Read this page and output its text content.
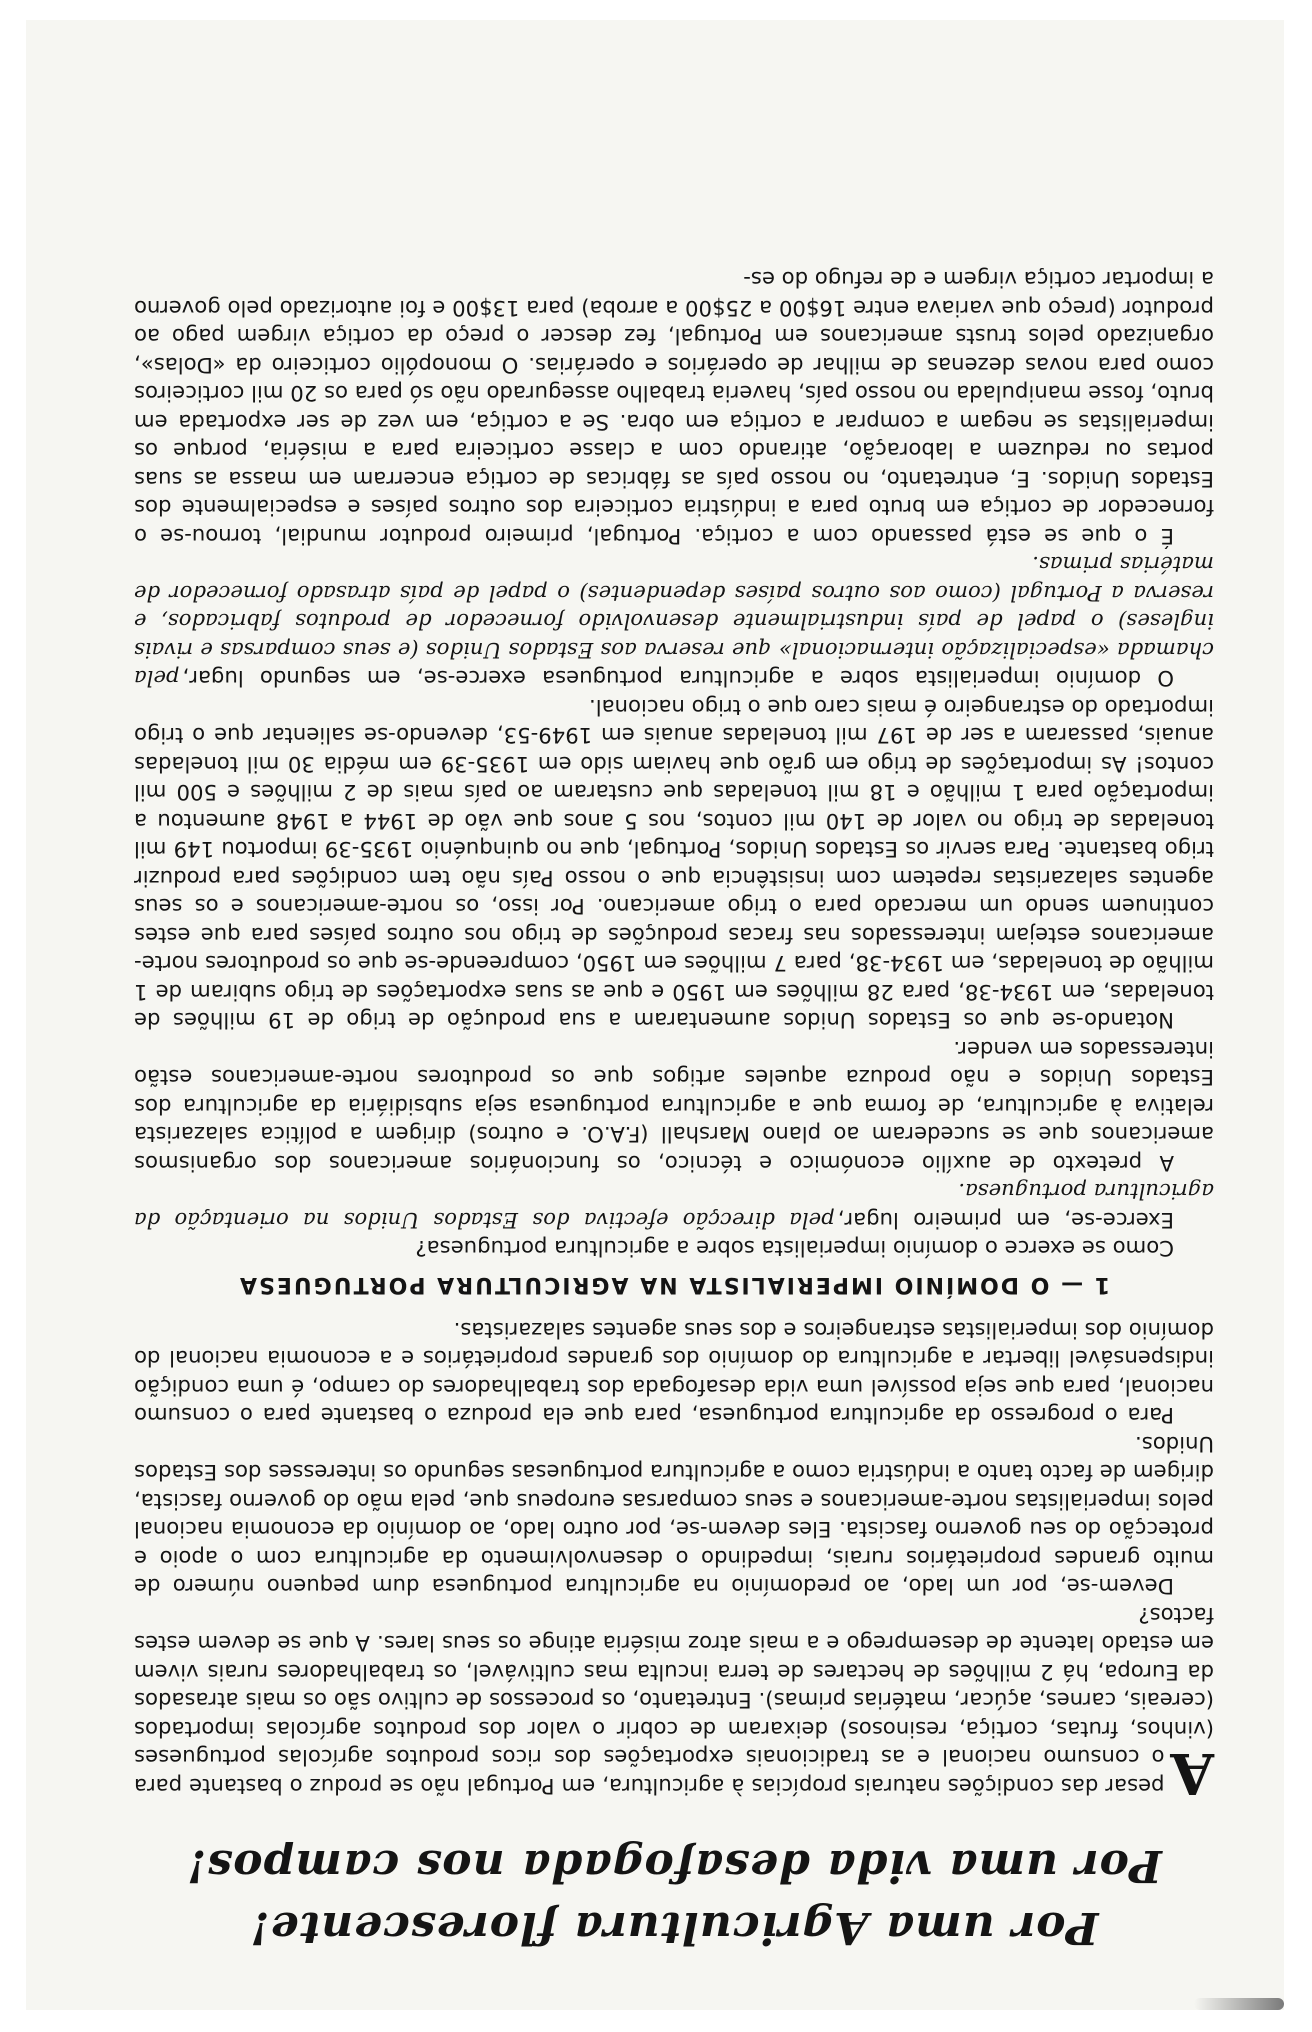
Por uma Agricultura florescente!
Por uma vida desafogada nos campos!

A
pesar das condições naturais propícias à agricultura, em Portugal não se produz o bastante para o consumo nacional e as tradicionais exportações dos ricos produtos agrícolas portugueses (vinhos, frutas, cortiça, resinosos) deixaram de cobrir o valor dos produtos agrícolas importados (cereais, carnes, açúcar, matérias primas). Entretanto, os processos de cultivo são os mais atrasados da Europa, há 2 milhões de hectares de terra inculta mas cultivável, os trabalhadores rurais vivem em estado latente de desemprego e a mais atroz miséria atinge os seus lares. A que se devem estes factos?

Devem-se, por um lado, ao predomínio na agricultura portuguesa dum pequeno número de muito grandes proprietários rurais, impedindo o desenvolvimento da agricultura com o apoio e protecção do seu governo fascista. Eles devem-se, por outro lado, ao domínio da economia nacional pelos imperialistas norte-americanos e seus comparsas europeus que, pela mão do governo fascista, dirigem de facto tanto a indústria como a agricultura portuguesas segundo os interesses dos Estados Unidos.

Para o progresso da agricultura portuguesa, para que ela produza o bastante para o consumo nacional, para que seja possível uma vida desafogada dos trabalhadores do campo, é uma condição indispensável libertar a agricultura do domínio dos grandes proprietários e a economia nacional do domínio dos imperialistas estrangeiros e dos seus agentes salazaristas.

1 — O DOMÍNIO IMPERIALISTA NA AGRICULTURA PORTUGUESA

Como se exerce o domínio imperialista sobre a agricultura portuguesa?

Exerce-se, em primeiro lugar,pela direcção efectiva dos Estados Unidos na orientação da agricultura portuguesa.

A pretexto de auxílio económico e técnico, os funcionários americanos dos organismos americanos que se sucederam ao plano Marshall (F.A.O. e outros) dirigem a política salazarista relativa à agricultura, de forma que a agricultura portuguesa seja subsidiária da agricultura dos Estados Unidos e não produza aqueles artigos que os produtores norte-americanos estão interessados em vender.

Notando-se que os Estados Unidos aumentaram a sua produção de trigo de 19 milhões de toneladas, em 1934-38, para 28 milhões em 1950 e que as suas exportações de trigo subiram de 1 milhão de toneladas, em 1934-38, para 7 milhões em 1950, compreende-se que os produtores norte-americanos estejam interessados nas fracas produções de trigo nos outros países para que estes continuem sendo um mercado para o trigo americano. Por isso, os norte-americanos e os seus agentes salazaristas repetem com insistência que o nosso País não tem condições para produzir trigo bastante. Para servir os Estados Unidos, Portugal, que no quinquénio 1935-39 importou 149 mil toneladas de trigo no valor de 140 mil contos, nos 5 anos que vão de 1944 a 1948 aumentou a importação para 1 milhão e 18 mil toneladas que custaram ao país mais de 2 milhões e 500 mil contos! As importações de trigo em grão que haviam sido em 1935-39 em média 30 mil toneladas anuais, passaram a ser de 197 mil toneladas anuais em 1949-53, devendo-se salientar que o trigo importado do estrangeiro é mais caro que o trigo nacional.

O domínio imperialista sobre a agricultura portuguesa exerce-se, em segundo lugar,pela chamada «especialização internacional» que reserva aos Estados Unidos (e seus comparsas e rivais ingleses) o papel de país industrialmente desenvolvido fornecedor de produtos fabricados, e reserva a Portugal (como aos outros países dependentes) o papel de país atrasado fornecedor de matérias primas.

É o que se está passando com a cortiça. Portugal, primeiro produtor mundial, tornou-se o fornecedor de cortiça em bruto para a indústria corticeira dos outros países e especialmente dos Estados Unidos. E, entretanto, no nosso país as fábricas de cortiça encerram em massa as suas portas ou reduzem a laboração, atirando com a classe corticeira para a miséria, porque os imperialistas se negam a comprar a cortiça em obra. Se a cortiça, em vez de ser exportada em bruto, fosse manipulada no nosso país, haveria trabalho assegurado não só para os 20 mil corticeiros como para novas dezenas de milhar de operários e operárias. O monopólio corticeiro da «Dolas», organizado pelos trusts americanos em Portugal, fez descer o preço da cortiça virgem pago ao produtor (preço que variava entre 16$00 a 25$00 a arroba) para 13$00 e foi autorizado pelo governo a importar cortiça virgem e de refugo do es-
